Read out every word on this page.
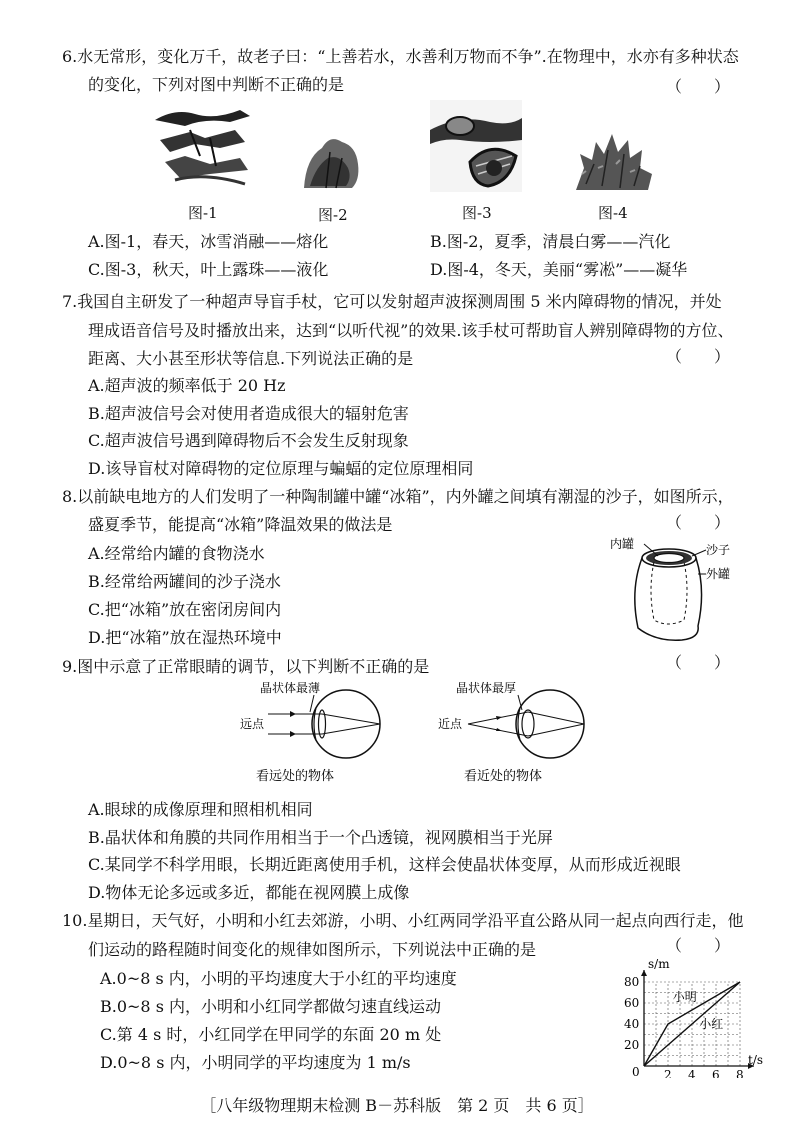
6.水无常形，变化万千，故老子曰：“上善若水，水善利万物而不争”.在物理中，水亦有多种状态
的变化，下列对图中判断不正确的是	（　　）
图-1	图-2	图-3	图-4
A.图-1，春天，冰雪消融——熔化	B.图-2，夏季，清晨白雾——汽化
C.图-3，秋天，叶上露珠——液化	D.图-4，冬天，美丽“雾凇”——凝华
7.我国自主研发了一种超声导盲手杖，它可以发射超声波探测周围 5 米内障碍物的情况，并处
理成语音信号及时播放出来，达到“以听代视”的效果.该手杖可帮助盲人辨别障碍物的方位、
距离、大小甚至形状等信息.下列说法正确的是	（　　）
A.超声波的频率低于 20 Hz
B.超声波信号会对使用者造成很大的辐射危害
C.超声波信号遇到障碍物后不会发生反射现象
D.该导盲杖对障碍物的定位原理与蝙蝠的定位原理相同
8.以前缺电地方的人们发明了一种陶制罐中罐“冰箱”，内外罐之间填有潮湿的沙子，如图所示，
盛夏季节，能提高“冰箱”降温效果的做法是	（　　）
A.经常给内罐的食物浇水
B.经常给两罐间的沙子浇水
C.把“冰箱”放在密闭房间内
D.把“冰箱”放在湿热环境中
内罐	沙子
外罐
9.图中示意了正常眼睛的调节，以下判断不正确的是	（　　）
晶状体最薄
远点
看远处的物体
晶状体最厚
近点
看近处的物体
A.眼球的成像原理和照相机相同
B.晶状体和角膜的共同作用相当于一个凸透镜，视网膜相当于光屏
C.某同学不科学用眼，长期近距离使用手机，这样会使晶状体变厚，从而形成近视眼
D.物体无论多远或多近，都能在视网膜上成像
10.星期日，天气好，小明和小红去郊游，小明、小红两同学沿平直公路从同一起点向西行走，他
们运动的路程随时间变化的规律如图所示，下列说法中正确的是	（　　）
A.0~8 s 内，小明的平均速度大于小红的平均速度
B.0~8 s 内，小明和小红同学都做匀速直线运动
C.第 4 s 时，小红同学在甲同学的东面 20 m 处
D.0~8 s 内，小明同学的平均速度为 1 m/s
2 4 6 8
20
40
60
80
s/m
t/s
0
小明
小红
［八年级物理期末检测 B－苏科版　第 2 页　共 6 页］
